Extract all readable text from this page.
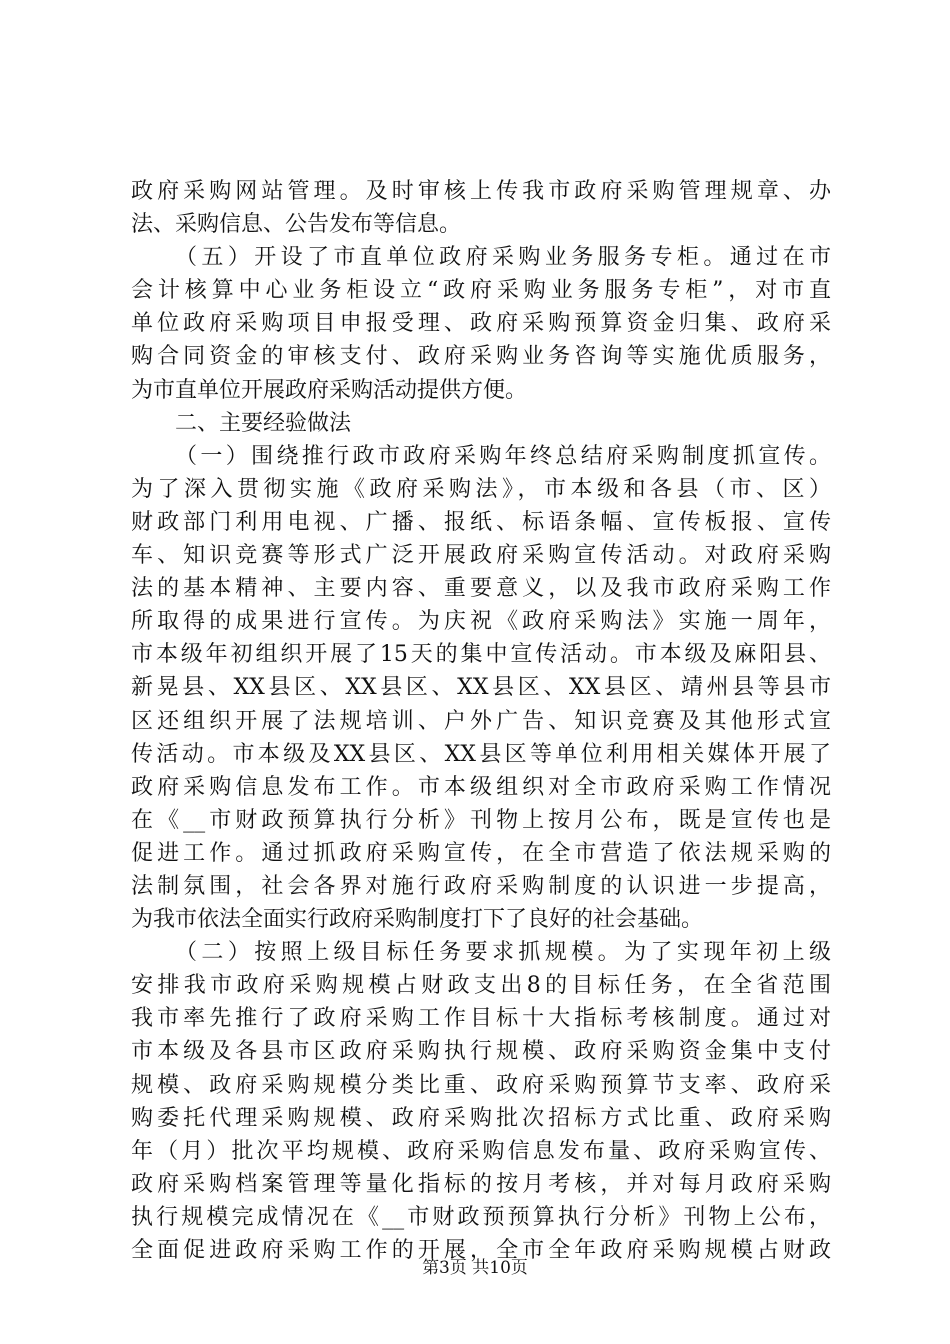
政府采购网站管理。及时审核上传我市政府采购管理规章、办
法、采购信息、公告发布等信息。
（五）开设了市直单位政府采购业务服务专柜。通过在市
会计核算中心业务柜设立“政府采购业务服务专柜”，对市直
单位政府采购项目申报受理、政府采购预算资金归集、政府采
购合同资金的审核支付、政府采购业务咨询等实施优质服务，
为市直单位开展政府采购活动提供方便。
二、主要经验做法
（一）围绕推行政市政府采购年终总结府采购制度抓宣传。
为了深入贯彻实施《政府采购法》，市本级和各县（市、区）
财政部门利用电视、广播、报纸、标语条幅、宣传板报、宣传
车、知识竞赛等形式广泛开展政府采购宣传活动。对政府采购
法的基本精神、主要内容、重要意义，以及我市政府采购工作
所取得的成果进行宣传。为庆祝《政府采购法》实施一周年，
市本级年初组织开展了15天的集中宣传活动。市本级及麻阳县、
新晃县、XX县区、XX县区、XX县区、XX县区、靖州县等县市
区还组织开展了法规培训、户外广告、知识竞赛及其他形式宣
传活动。市本级及XX县区、XX县区等单位利用相关媒体开展了
政府采购信息发布工作。市本级组织对全市政府采购工作情况
在《__市财政预算执行分析》刊物上按月公布，既是宣传也是
促进工作。通过抓政府采购宣传，在全市营造了依法规采购的
法制氛围，社会各界对施行政府采购制度的认识进一步提高，
为我市依法全面实行政府采购制度打下了良好的社会基础。
（二）按照上级目标任务要求抓规模。为了实现年初上级
安排我市政府采购规模占财政支出8的目标任务，在全省范围
我市率先推行了政府采购工作目标十大指标考核制度。通过对
市本级及各县市区政府采购执行规模、政府采购资金集中支付
规模、政府采购规模分类比重、政府采购预算节支率、政府采
购委托代理采购规模、政府采购批次招标方式比重、政府采购
年（月）批次平均规模、政府采购信息发布量、政府采购宣传、
政府采购档案管理等量化指标的按月考核，并对每月政府采购
执行规模完成情况在《__市财政预预算执行分析》刊物上公布，
全面促进政府采购工作的开展，全市全年政府采购规模占财政
第3页 共10页
